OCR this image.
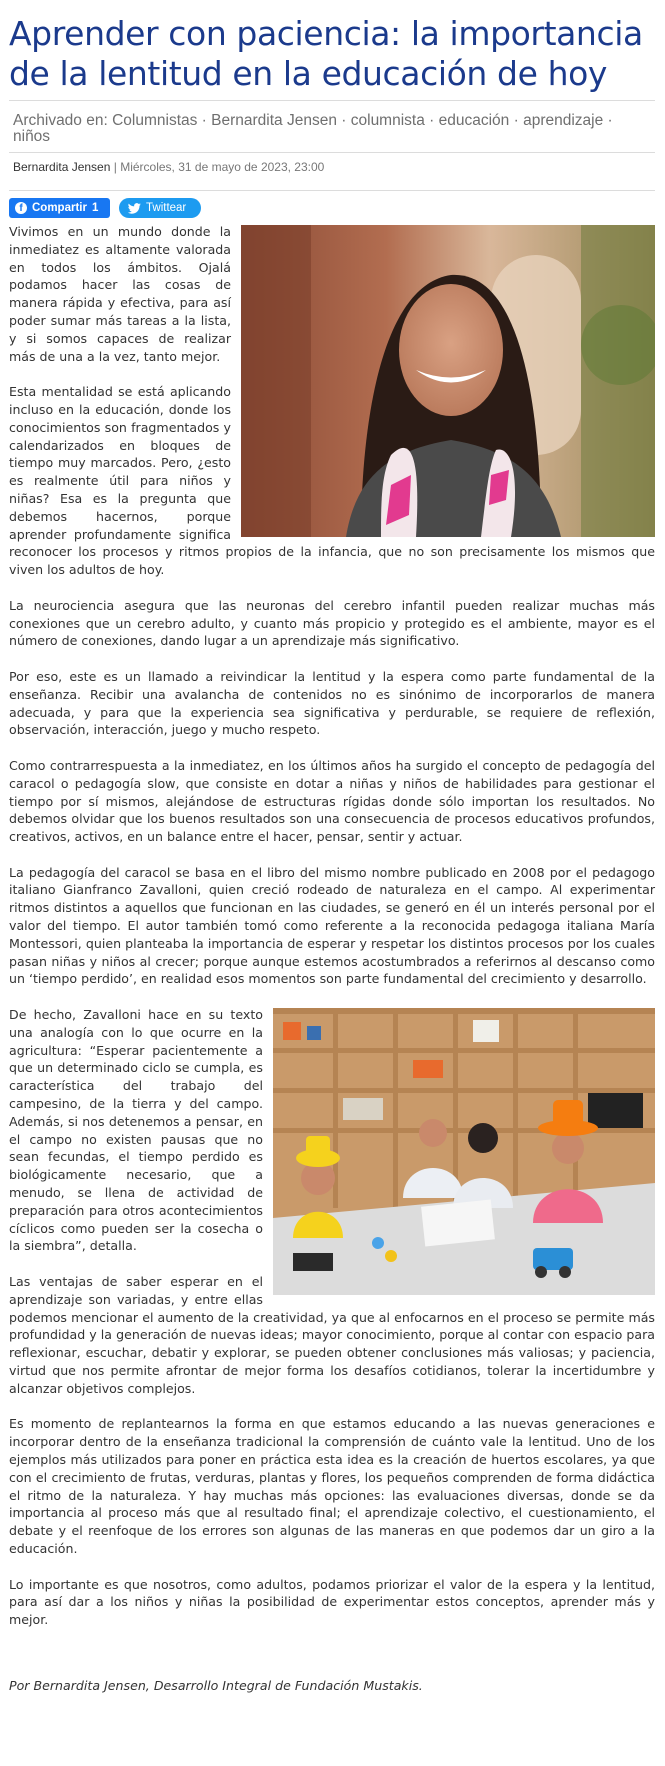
Aprender con paciencia: la importancia de la lentitud en la educación de hoy
Archivado en: Columnistas · Bernardita Jensen · columnista · educación · aprendizaje · niños
Bernardita Jensen | Miércoles, 31 de mayo de 2023, 23:00
f Compartir 1	Twittear

Vivimos en un mundo donde la inmediatez es altamente valorada en todos los ámbitos. Ojalá podamos hacer las cosas de manera rápida y efectiva, para así poder sumar más tareas a la lista, y si somos capaces de realizar más de una a la vez, tanto mejor.

Esta mentalidad se está aplicando incluso en la educación, donde los conocimientos son fragmentados y calendarizados en bloques de tiempo muy marcados. Pero, ¿esto es realmente útil para niños y niñas? Esa es la pregunta que debemos hacernos, porque aprender profundamente significa reconocer los procesos y ritmos propios de la infancia, que no son precisamente los mismos que viven los adultos de hoy.

La neurociencia asegura que las neuronas del cerebro infantil pueden realizar muchas más conexiones que un cerebro adulto, y cuanto más propicio y protegido es el ambiente, mayor es el número de conexiones, dando lugar a un aprendizaje más significativo.

Por eso, este es un llamado a reivindicar la lentitud y la espera como parte fundamental de la enseñanza. Recibir una avalancha de contenidos no es sinónimo de incorporarlos de manera adecuada, y para que la experiencia sea significativa y perdurable, se requiere de reflexión, observación, interacción, juego y mucho respeto.

Como contrarrespuesta a la inmediatez, en los últimos años ha surgido el concepto de pedagogía del caracol o pedagogía slow, que consiste en dotar a niñas y niños de habilidades para gestionar el tiempo por sí mismos, alejándose de estructuras rígidas donde sólo importan los resultados. No debemos olvidar que los buenos resultados son una consecuencia de procesos educativos profundos, creativos, activos, en un balance entre el hacer, pensar, sentir y actuar.

La pedagogía del caracol se basa en el libro del mismo nombre publicado en 2008 por el pedagogo italiano Gianfranco Zavalloni, quien creció rodeado de naturaleza en el campo. Al experimentar ritmos distintos a aquellos que funcionan en las ciudades, se generó en él un interés personal por el valor del tiempo. El autor también tomó como referente a la reconocida pedagoga italiana María Montessori, quien planteaba la importancia de esperar y respetar los distintos procesos por los cuales pasan niñas y niños al crecer; porque aunque estemos acostumbrados a referirnos al descanso como un ‘tiempo perdido’, en realidad esos momentos son parte fundamental del crecimiento y desarrollo.

De hecho, Zavalloni hace en su texto una analogía con lo que ocurre en la agricultura: “Esperar pacientemente a que un determinado ciclo se cumpla, es característica del trabajo del campesino, de la tierra y del campo. Además, si nos detenemos a pensar, en el campo no existen pausas que no sean fecundas, el tiempo perdido es biológicamente necesario, que a menudo, se llena de actividad de preparación para otros acontecimientos cíclicos como pueden ser la cosecha o la siembra”, detalla.

Las ventajas de saber esperar en el aprendizaje son variadas, y entre ellas podemos mencionar el aumento de la creatividad, ya que al enfocarnos en el proceso se permite más profundidad y la generación de nuevas ideas; mayor conocimiento, porque al contar con espacio para reflexionar, escuchar, debatir y explorar, se pueden obtener conclusiones más valiosas; y paciencia, virtud que nos permite afrontar de mejor forma los desafíos cotidianos, tolerar la incertidumbre y alcanzar objetivos complejos.

Es momento de replantearnos la forma en que estamos educando a las nuevas generaciones e incorporar dentro de la enseñanza tradicional la comprensión de cuánto vale la lentitud. Uno de los ejemplos más utilizados para poner en práctica esta idea es la creación de huertos escolares, ya que con el crecimiento de frutas, verduras, plantas y flores, los pequeños comprenden de forma didáctica el ritmo de la naturaleza. Y hay muchas más opciones: las evaluaciones diversas, donde se da importancia al proceso más que al resultado final; el aprendizaje colectivo, el cuestionamiento, el debate y el reenfoque de los errores son algunas de las maneras en que podemos dar un giro a la educación.

Lo importante es que nosotros, como adultos, podamos priorizar el valor de la espera y la lentitud, para así dar a los niños y niñas la posibilidad de experimentar estos conceptos, aprender más y mejor.

Por Bernardita Jensen, Desarrollo Integral de Fundación Mustakis.
